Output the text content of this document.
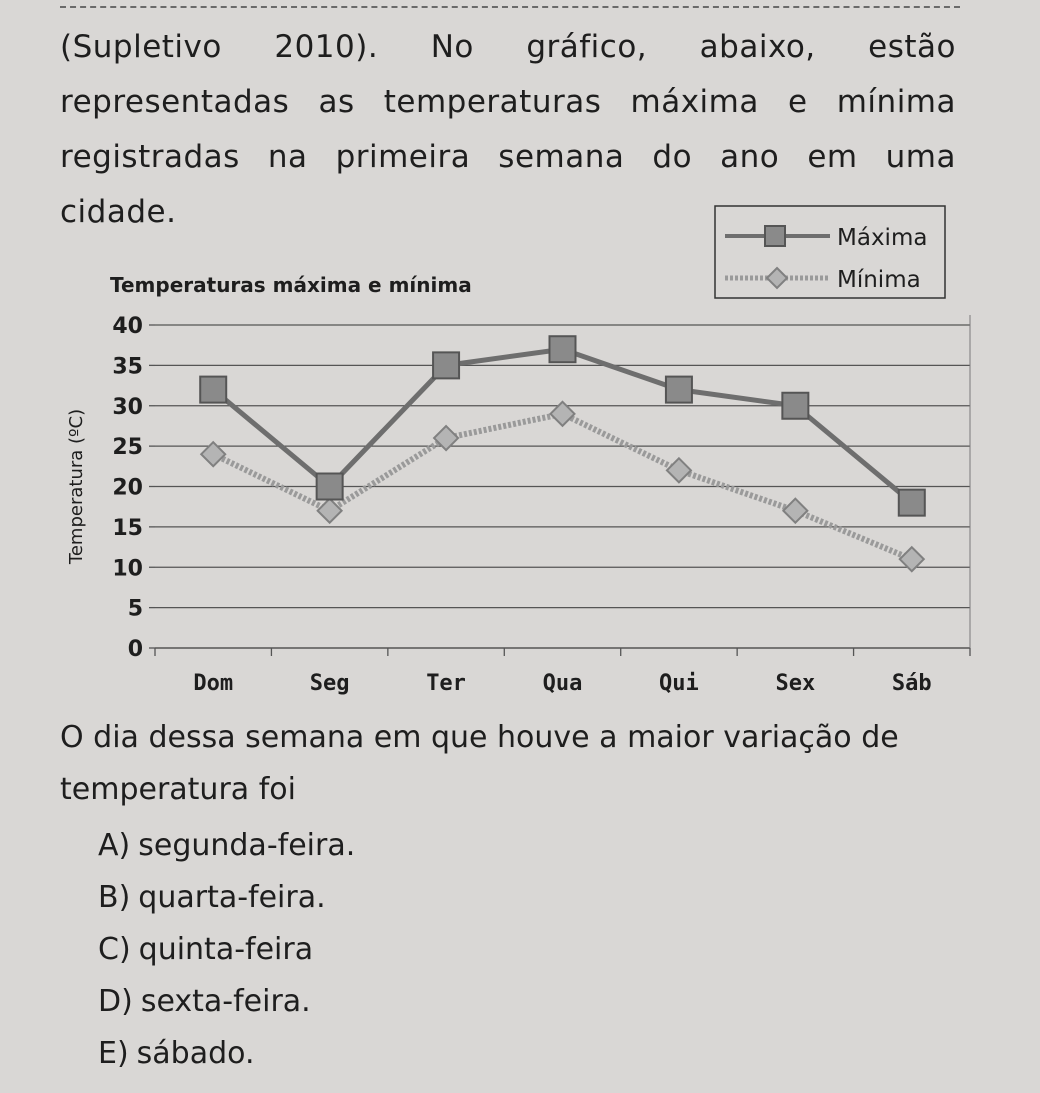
(Supletivo 2010). No gráfico, abaixo, estão representadas as temperaturas máxima e mínima registradas na primeira semana do ano em uma cidade.

0
5
10
15
20
25
30
35
40
Dom	Seg	Ter	Qua	Qui	Sex	Sáb
Temperatura (ºC)
Temperaturas máxima e mínima
Máxima
Mínima

O dia dessa semana em que houve a maior variação de temperatura foi

A) segunda-feira.
B) quarta-feira.
C) quinta-feira
D) sexta-feira.
E) sábado.
